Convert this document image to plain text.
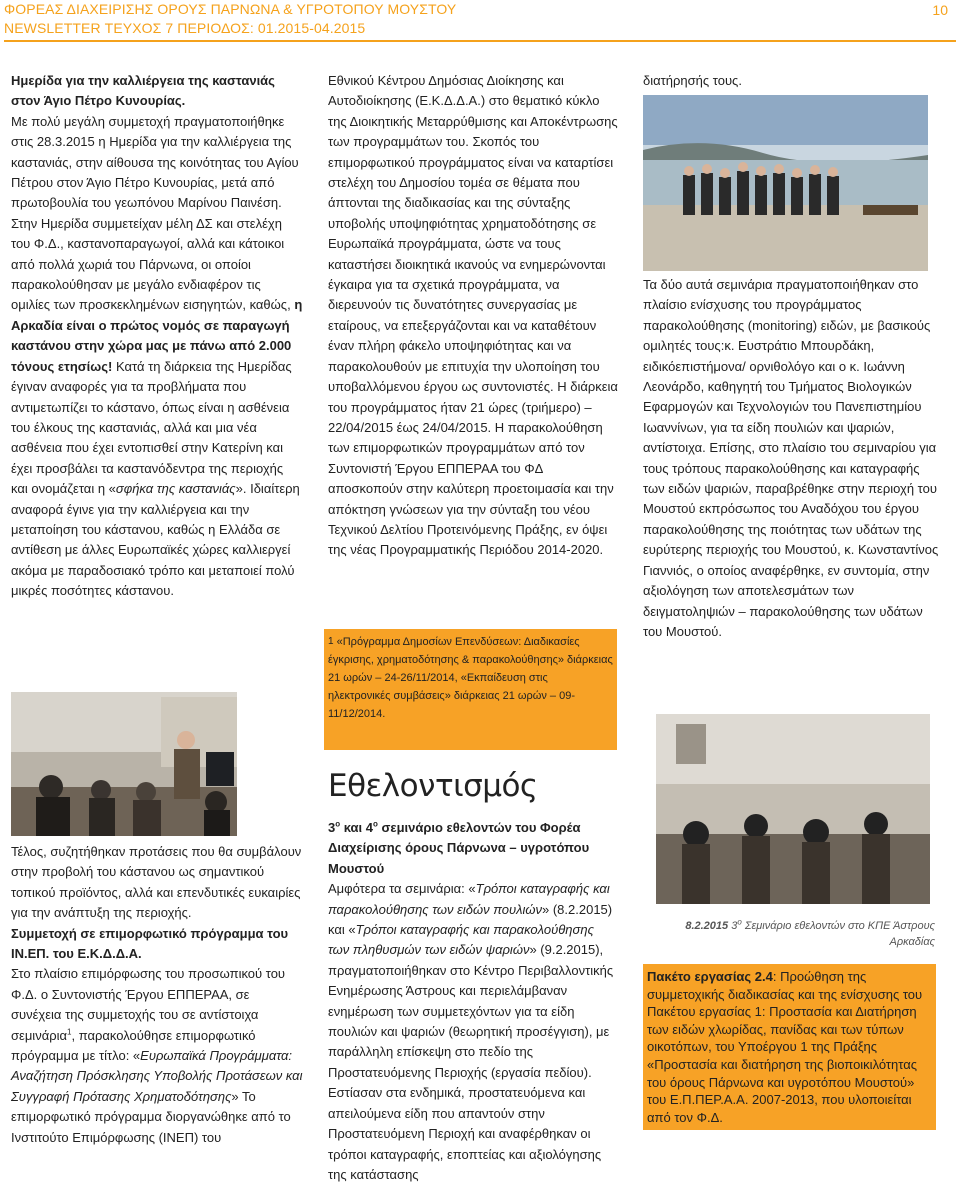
ΦΟΡΕΑΣ ΔΙΑΧΕΙΡΙΣΗΣ ΟΡΟΥΣ ΠΑΡΝΩΝΑ & ΥΓΡΟΤΟΠΟΥ ΜΟΥΣΤΟΥ
NEWSLETTER ΤΕΥΧΟΣ 7 ΠΕΡΙΟΔΟΣ: 01.2015-04.2015
10

Ημερίδα για την καλλιέργεια της καστανιάς στον Άγιο Πέτρο Κυνουρίας.

Με πολύ μεγάλη συμμετοχή πραγματοποιήθηκε στις 28.3.2015 η Ημερίδα για την καλλιέργεια της καστανιάς, στην αίθουσα της κοινότητας του Αγίου Πέτρου στον Άγιο Πέτρο Κυνουρίας, μετά από πρωτοβουλία του γεωπόνου Μαρίνου Παινέση. Στην Ημερίδα συμμετείχαν μέλη ΔΣ και στελέχη του Φ.Δ., καστανοπαραγωγοί, αλλά και κάτοικοι από πολλά χωριά του Πάρνωνα, οι οποίοι παρακολούθησαν με μεγάλο ενδιαφέρον τις ομιλίες των προσκεκλημένων εισηγητών, καθώς, η Αρκαδία είναι ο πρώτος νομός σε παραγωγή καστάνου στην χώρα μας με πάνω από 2.000 τόνους ετησίως! Κατά τη διάρκεια της Ημερίδας έγιναν αναφορές για τα προβλήματα που αντιμετωπίζει το κάστανο, όπως είναι η ασθένεια του έλκους της καστανιάς, αλλά και μια νέα ασθένεια που έχει εντοπισθεί στην Κατερίνη και έχει προσβάλει τα καστανόδεντρα της περιοχής και ονομάζεται η «σφήκα της καστανιάς». Ιδιαίτερη αναφορά έγινε για την καλλιέργεια και την μεταποίηση του κάστανου, καθώς η Ελλάδα σε αντίθεση με άλλες Ευρωπαϊκές χώρες καλλιεργεί ακόμα με παραδοσιακό τρόπο και μεταποιεί πολύ μικρές ποσότητες κάστανου.

Τέλος, συζητήθηκαν προτάσεις που θα συμβάλουν στην προβολή του κάστανου ως σημαντικού τοπικού προϊόντος, αλλά και επενδυτικές ευκαιρίες για την ανάπτυξη της περιοχής.

Συμμετοχή σε επιμορφωτικό πρόγραμμα του ΙΝ.ΕΠ. του Ε.Κ.Δ.Δ.Α.

Στο πλαίσιο επιμόρφωσης του προσωπικού του Φ.Δ. ο Συντονιστής Έργου ΕΠΠΕΡΑΑ, σε συνέχεια της συμμετοχής του σε αντίστοιχα σεμινάρια$^1$, παρακολούθησε επιμορφωτικό πρόγραμμα με τίτλο: «Ευρωπαϊκά Προγράμματα: Αναζήτηση Πρόσκλησης Υποβολής Προτάσεων και Συγγραφή Πρότασης Χρηματοδότησης» Το επιμορφωτικό πρόγραμμα διοργανώθηκε από το Ινστιτούτο Επιμόρφωσης (ΙΝΕΠ) του

Εθνικού Κέντρου Δημόσιας Διοίκησης και Αυτοδιοίκησης (Ε.Κ.Δ.Δ.Α.) στο θεματικό κύκλο της Διοικητικής Μεταρρύθμισης και Αποκέντρωσης των προγραμμάτων του. Σκοπός του επιμορφωτικού προγράμματος είναι να καταρτίσει στελέχη του Δημοσίου τομέα σε θέματα που άπτονται της διαδικασίας και της σύνταξης υποβολής υποψηφιότητας χρηματοδότησης σε Ευρωπαϊκά προγράμματα, ώστε να τους καταστήσει διοικητικά ικανούς να ενημερώνονται έγκαιρα για τα σχετικά προγράμματα, να διερευνούν τις δυνατότητες συνεργασίας με εταίρους, να επεξεργάζονται και να καταθέτουν έναν πλήρη φάκελο υποψηφιότητας και να παρακολουθούν με επιτυχία την υλοποίηση του υποβαλλόμενου έργου ως συντονιστές. Η διάρκεια του προγράμματος ήταν 21 ώρες (τριήμερο) – 22/04/2015 έως 24/04/2015. Η παρακολούθηση των επιμορφωτικών προγραμμάτων από τον Συντονιστή Έργου ΕΠΠΕΡΑΑ του ΦΔ αποσκοπούν στην καλύτερη προετοιμασία και την απόκτηση γνώσεων για την σύνταξη του νέου Τεχνικού Δελτίου Προτεινόμενης Πράξης, εν όψει της νέας Προγραμματικής Περιόδου 2014-2020.

1 «Πρόγραμμα Δημοσίων Επενδύσεων: Διαδικασίες έγκρισης, χρηματοδότησης & παρακολούθησης» διάρκειας 21 ωρών – 24-26/11/2014, «Εκπαίδευση στις ηλεκτρονικές συμβάσεις» διάρκειας 21 ωρών – 09-11/12/2014.
Εθελοντισμός

$3^o$ και $4^o$ σεμινάριο εθελοντών του Φορέα Διαχείρισης όρους Πάρνωνα – υγροτόπου Μουστού

Αμφότερα τα σεμινάρια: «Τρόποι καταγραφής και παρακολούθησης των ειδών πουλιών» (8.2.2015) και «Τρόποι καταγραφής και παρακολούθησης των πληθυσμών των ειδών ψαριών» (9.2.2015), πραγματοποιήθηκαν στο Κέντρο Περιβαλλοντικής Ενημέρωσης Άστρους και περιελάμβαναν ενημέρωση των συμμετεχόντων για τα είδη πουλιών και ψαριών (θεωρητική προσέγγιση), με παράλληλη επίσκεψη στο πεδίο της Προστατευόμενης Περιοχής (εργασία πεδίου). Εστίασαν στα ενδημικά, προστατευόμενα και απειλούμενα είδη που απαντούν στην Προστατευόμενη Περιοχή και αναφέρθηκαν οι τρόποι καταγραφής, εποπτείας και αξιολόγησης της κατάστασης

διατήρησής τους.

Τα δύο αυτά σεμινάρια πραγματοποιήθηκαν στο πλαίσιο ενίσχυσης του προγράμματος παρακολούθησης (monitoring) ειδών, με βασικούς ομιλητές τους:κ. Ευστράτιο Μπουρδάκη, ειδικόεπιστήμονα/ ορνιθολόγο και ο κ. Ιωάννη Λεονάρδο, καθηγητή του Τμήματος Βιολογικών Εφαρμογών και Τεχνολογιών του Πανεπιστημίου Ιωαννίνων, για τα είδη πουλιών και ψαριών, αντίστοιχα. Επίσης, στο πλαίσιο του σεμιναρίου για τους τρόπους παρακολούθησης και καταγραφής των ειδών ψαριών, παραβρέθηκε στην περιοχή του Μουστού εκπρόσωπος του Αναδόχου του έργου παρακολούθησης της ποιότητας των υδάτων της ευρύτερης περιοχής του Μουστού, κ. Κωνσταντίνος Γιαννιός, ο οποίος αναφέρθηκε, εν συντομία, στην αξιολόγηση των αποτελεσμάτων των δειγματοληψιών – παρακολούθησης των υδάτων του Μουστού.

8.2.2015 $3^o$ Σεμινάριο εθελοντών στο ΚΠΕ Άστρους Αρκαδίας
Πακέτο εργασίας 2.4: Προώθηση της συμμετοχικής διαδικασίας και της ενίσχυσης του Πακέτου εργασίας 1: Προστασία και Διατήρηση των ειδών χλωρίδας, πανίδας και των τύπων οικοτόπων, του Υποέργου 1 της Πράξης «Προστασία και διατήρηση της βιοποικιλότητας του όρους Πάρνωνα και υγροτόπου Μουστού» του Ε.Π.ΠΕΡ.Α.Α. 2007-2013, που υλοποιείται από τον Φ.Δ.
